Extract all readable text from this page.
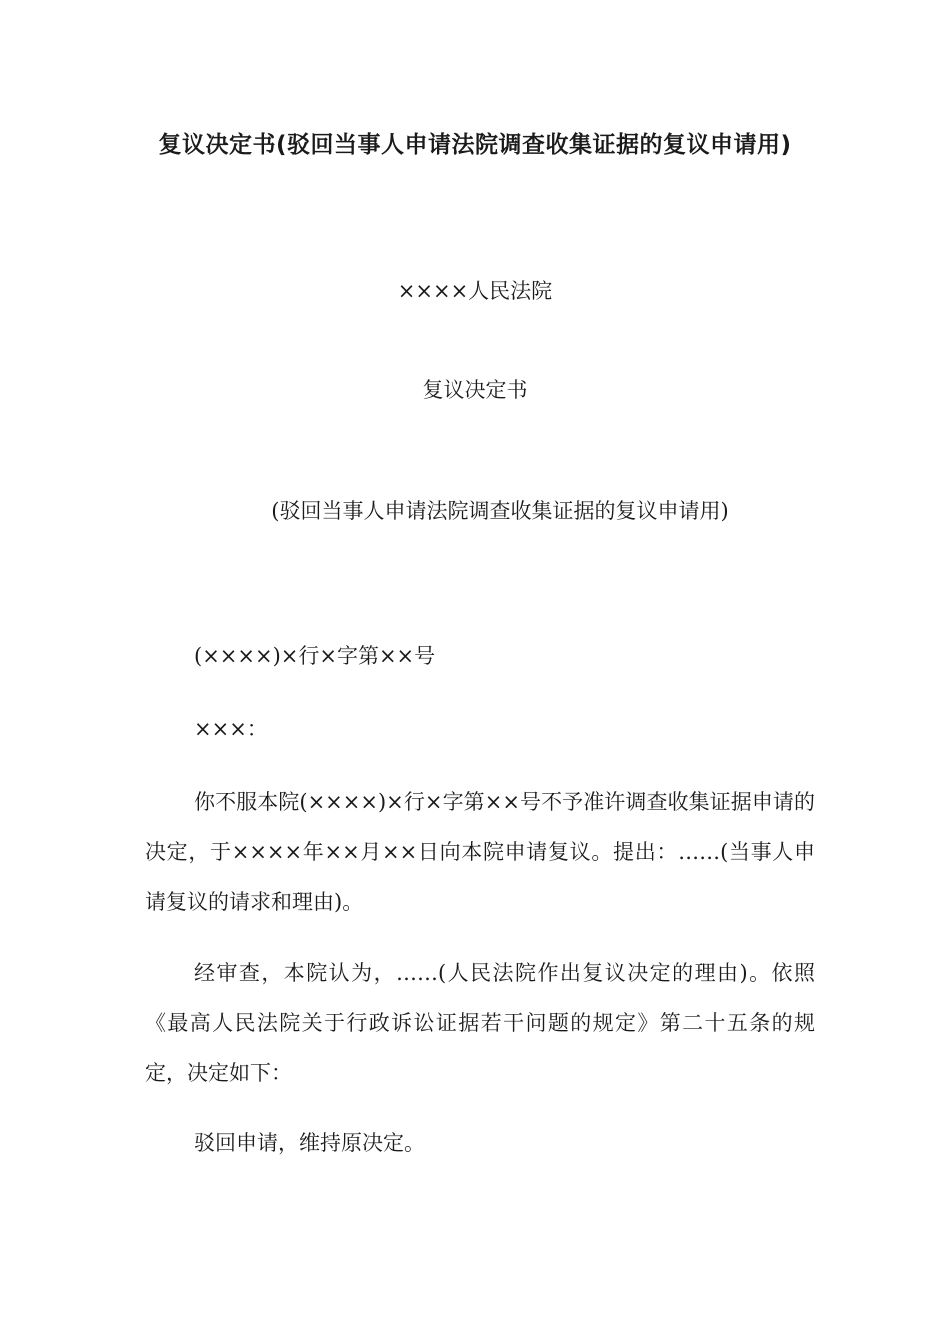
复议决定书(驳回当事人申请法院调查收集证据的复议申请用)

××××人民法院

复议决定书

(驳回当事人申请法院调查收集证据的复议申请用)

(××××)×行×字第××号

×××：

你不服本院(××××)×行×字第××号不予准许调查收集证据申请的决定，于××××年××月××日向本院申请复议。提出：……(当事人申请复议的请求和理由)。

经审查，本院认为，……(人民法院作出复议决定的理由)。依照《最高人民法院关于行政诉讼证据若干问题的规定》第二十五条的规定，决定如下：

驳回申请，维持原决定。
